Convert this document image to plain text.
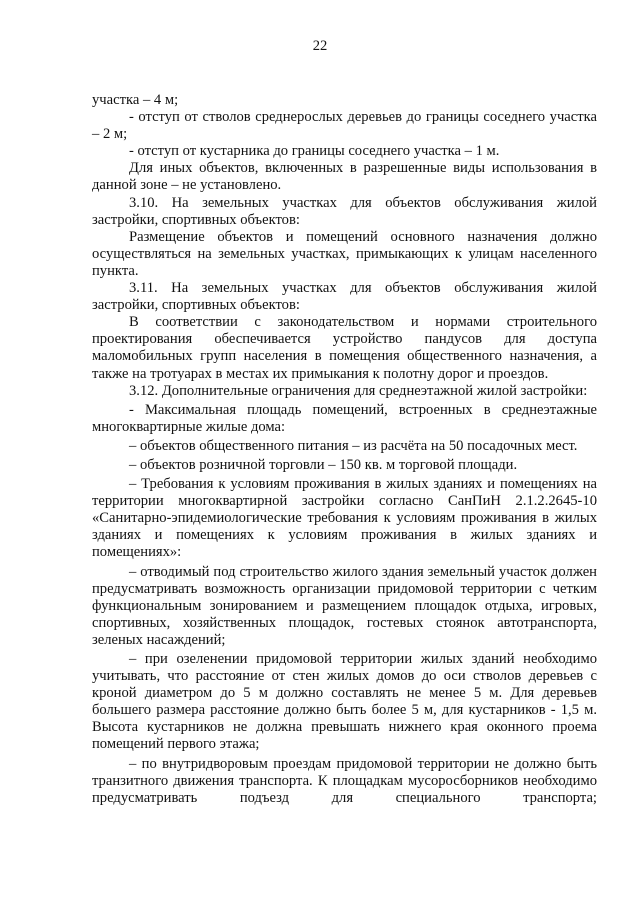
22

участка – 4 м;

- отступ от стволов среднерослых деревьев до границы соседнего участка – 2 м;

- отступ от кустарника до границы соседнего участка – 1 м.

Для иных объектов, включенных в разрешенные виды использования в данной зоне – не установлено.

3.10. На земельных участках для объектов обслуживания жилой застройки, спортивных объектов:

Размещение объектов и помещений основного назначения должно осуществляться на земельных участках, примыкающих к улицам населенного пункта.

3.11. На земельных участках для объектов обслуживания жилой застройки, спортивных объектов:

В соответствии с законодательством и нормами строительного проектирования обеспечивается устройство пандусов для доступа маломобильных групп населения в помещения общественного назначения, а также на тротуарах в местах их примыкания к полотну дорог и проездов.

3.12. Дополнительные ограничения для среднеэтажной жилой застройки:

- Максимальная площадь помещений, встроенных в среднеэтажные многоквартирные жилые дома:

– объектов общественного питания – из расчёта на 50 посадочных мест.

– объектов розничной торговли – 150 кв. м торговой площади.

– Требования к условиям проживания в жилых зданиях и помещениях на территории многоквартирной застройки согласно СанПиН 2.1.2.2645-10 «Санитарно-эпидемиологические требования к условиям проживания в жилых зданиях и помещениях к условиям проживания в жилых зданиях и помещениях»:

– отводимый под строительство жилого здания земельный участок должен предусматривать возможность организации придомовой территории с четким функциональным зонированием и размещением площадок отдыха, игровых, спортивных, хозяйственных площадок, гостевых стоянок автотранспорта, зеленых насаждений;

– при озеленении придомовой территории жилых зданий необходимо учитывать, что расстояние от стен жилых домов до оси стволов деревьев с кроной диаметром до 5 м должно составлять не менее 5 м. Для деревьев большего размера расстояние должно быть более 5 м, для кустарников - 1,5 м. Высота кустарников не должна превышать нижнего края оконного проема помещений первого этажа;

– по внутридворовым проездам придомовой территории не должно быть транзитного движения транспорта. К площадкам мусоросборников необходимо предусматривать подъезд для специального транспорта;
